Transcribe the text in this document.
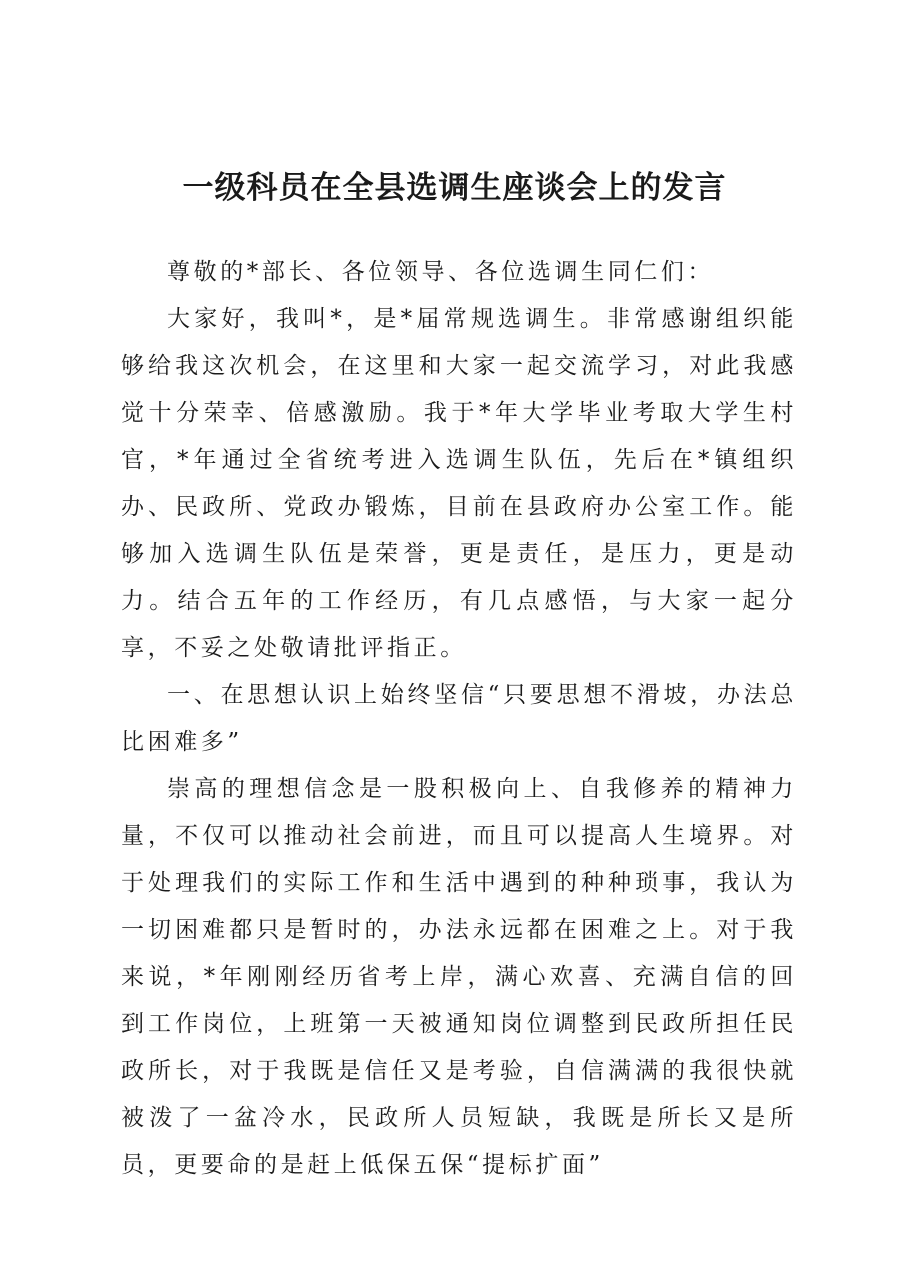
一级科员在全县选调生座谈会上的发言

尊敬的*部长、各位领导、各位选调生同仁们：

大家好，我叫*，是*届常规选调生。非常感谢组织能够给我这次机会，在这里和大家一起交流学习，对此我感觉十分荣幸、倍感激励。我于*年大学毕业考取大学生村官，*年通过全省统考进入选调生队伍，先后在*镇组织办、民政所、党政办锻炼，目前在县政府办公室工作。能够加入选调生队伍是荣誉，更是责任，是压力，更是动力。结合五年的工作经历，有几点感悟，与大家一起分享，不妥之处敬请批评指正。

一、在思想认识上始终坚信“只要思想不滑坡，办法总比困难多”

崇高的理想信念是一股积极向上、自我修养的精神力量，不仅可以推动社会前进，而且可以提高人生境界。对于处理我们的实际工作和生活中遇到的种种琐事，我认为一切困难都只是暂时的，办法永远都在困难之上。对于我来说，*年刚刚经历省考上岸，满心欢喜、充满自信的回到工作岗位，上班第一天被通知岗位调整到民政所担任民政所长，对于我既是信任又是考验，自信满满的我很快就被泼了一盆冷水，民政所人员短缺，我既是所长又是所员，更要命的是赶上低保五保“提标扩面”
